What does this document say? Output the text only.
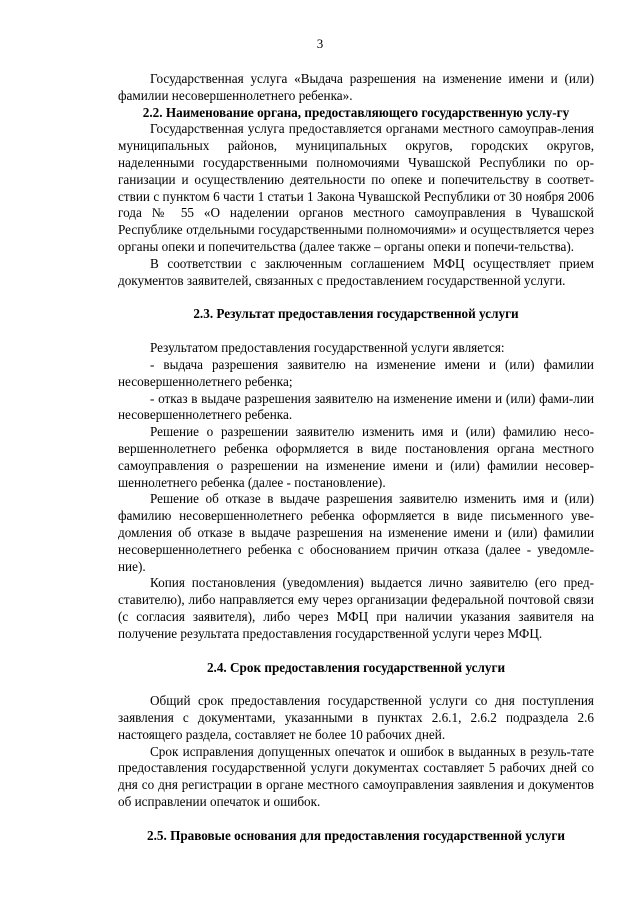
3

Государственная услуга «Выдача разрешения на изменение имени и (или) фамилии несовершеннолетнего ребенка».

2.2. Наименование органа, предоставляющего государственную услу-гу

Государственная услуга предоставляется органами местного самоуправ-ления муниципальных районов, муниципальных округов, городских округов, наделенными государственными полномочиями Чувашской Республики по ор-ганизации и осуществлению деятельности по опеке и попечительству в соответ-ствии с пунктом 6 части 1 статьи 1 Закона Чувашской Республики от 30 ноября 2006 года № 55 «О наделении органов местного самоуправления в Чувашской Республике отдельными государственными полномочиями» и осуществляется через органы опеки и попечительства (далее также – органы опеки и попечи-тельства).

В соответствии с заключенным соглашением МФЦ осуществляет прием документов заявителей, связанных с предоставлением государственной услуги.

2.3. Результат предоставления государственной услуги

Результатом предоставления государственной услуги является:

- выдача разрешения заявителю на изменение имени и (или) фамилии несовершеннолетнего ребенка;

- отказ в выдаче разрешения заявителю на изменение имени и (или) фами-лии несовершеннолетнего ребенка.

Решение о разрешении заявителю изменить имя и (или) фамилию несо-вершеннолетнего ребенка оформляется в виде постановления органа местного самоуправления о разрешении на изменение имени и (или) фамилии несовер-шеннолетнего ребенка (далее - постановление).

Решение об отказе в выдаче разрешения заявителю изменить имя и (или) фамилию несовершеннолетнего ребенка оформляется в виде письменного уве-домления об отказе в выдаче разрешения на изменение имени и (или) фамилии несовершеннолетнего ребенка с обоснованием причин отказа (далее - уведомле-ние).

Копия постановления (уведомления) выдается лично заявителю (его пред-ставителю), либо направляется ему через организации федеральной почтовой связи (с согласия заявителя), либо через МФЦ при наличии указания заявителя на получение результата предоставления государственной услуги через МФЦ.

2.4. Срок предоставления государственной услуги

Общий срок предоставления государственной услуги со дня поступления заявления с документами, указанными в пунктах 2.6.1, 2.6.2 подраздела 2.6 настоящего раздела, составляет не более 10 рабочих дней.

Срок исправления допущенных опечаток и ошибок в выданных в резуль-тате предоставления государственной услуги документах составляет 5 рабочих дней со дня со дня регистрации в органе местного самоуправления заявления и документов об исправлении опечаток и ошибок.

2.5. Правовые основания для предоставления государственной услуги
